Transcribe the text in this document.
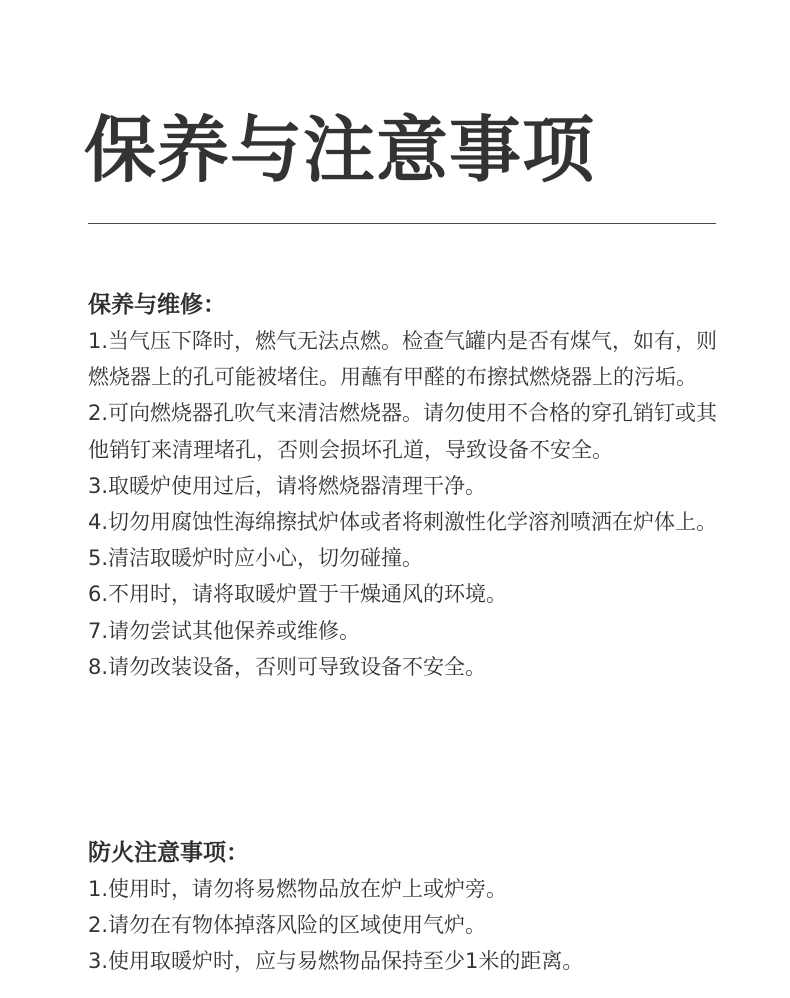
保养与注意事项
保养与维修：
1.当气压下降时，燃气无法点燃。检查气罐内是否有煤气，如有，则燃烧器上的孔可能被堵住。用蘸有甲醛的布擦拭燃烧器上的污垢。
2.可向燃烧器孔吹气来清洁燃烧器。请勿使用不合格的穿孔销钉或其他销钉来清理堵孔，否则会损坏孔道，导致设备不安全。
3.取暖炉使用过后，请将燃烧器清理干净。
4.切勿用腐蚀性海绵擦拭炉体或者将刺激性化学溶剂喷洒在炉体上。
5.清洁取暖炉时应小心，切勿碰撞。
6.不用时，请将取暖炉置于干燥通风的环境。
7.请勿尝试其他保养或维修。
8.请勿改装设备，否则可导致设备不安全。
防火注意事项：
1.使用时，请勿将易燃物品放在炉上或炉旁。
2.请勿在有物体掉落风险的区域使用气炉。
3.使用取暖炉时，应与易燃物品保持至少1米的距离。
